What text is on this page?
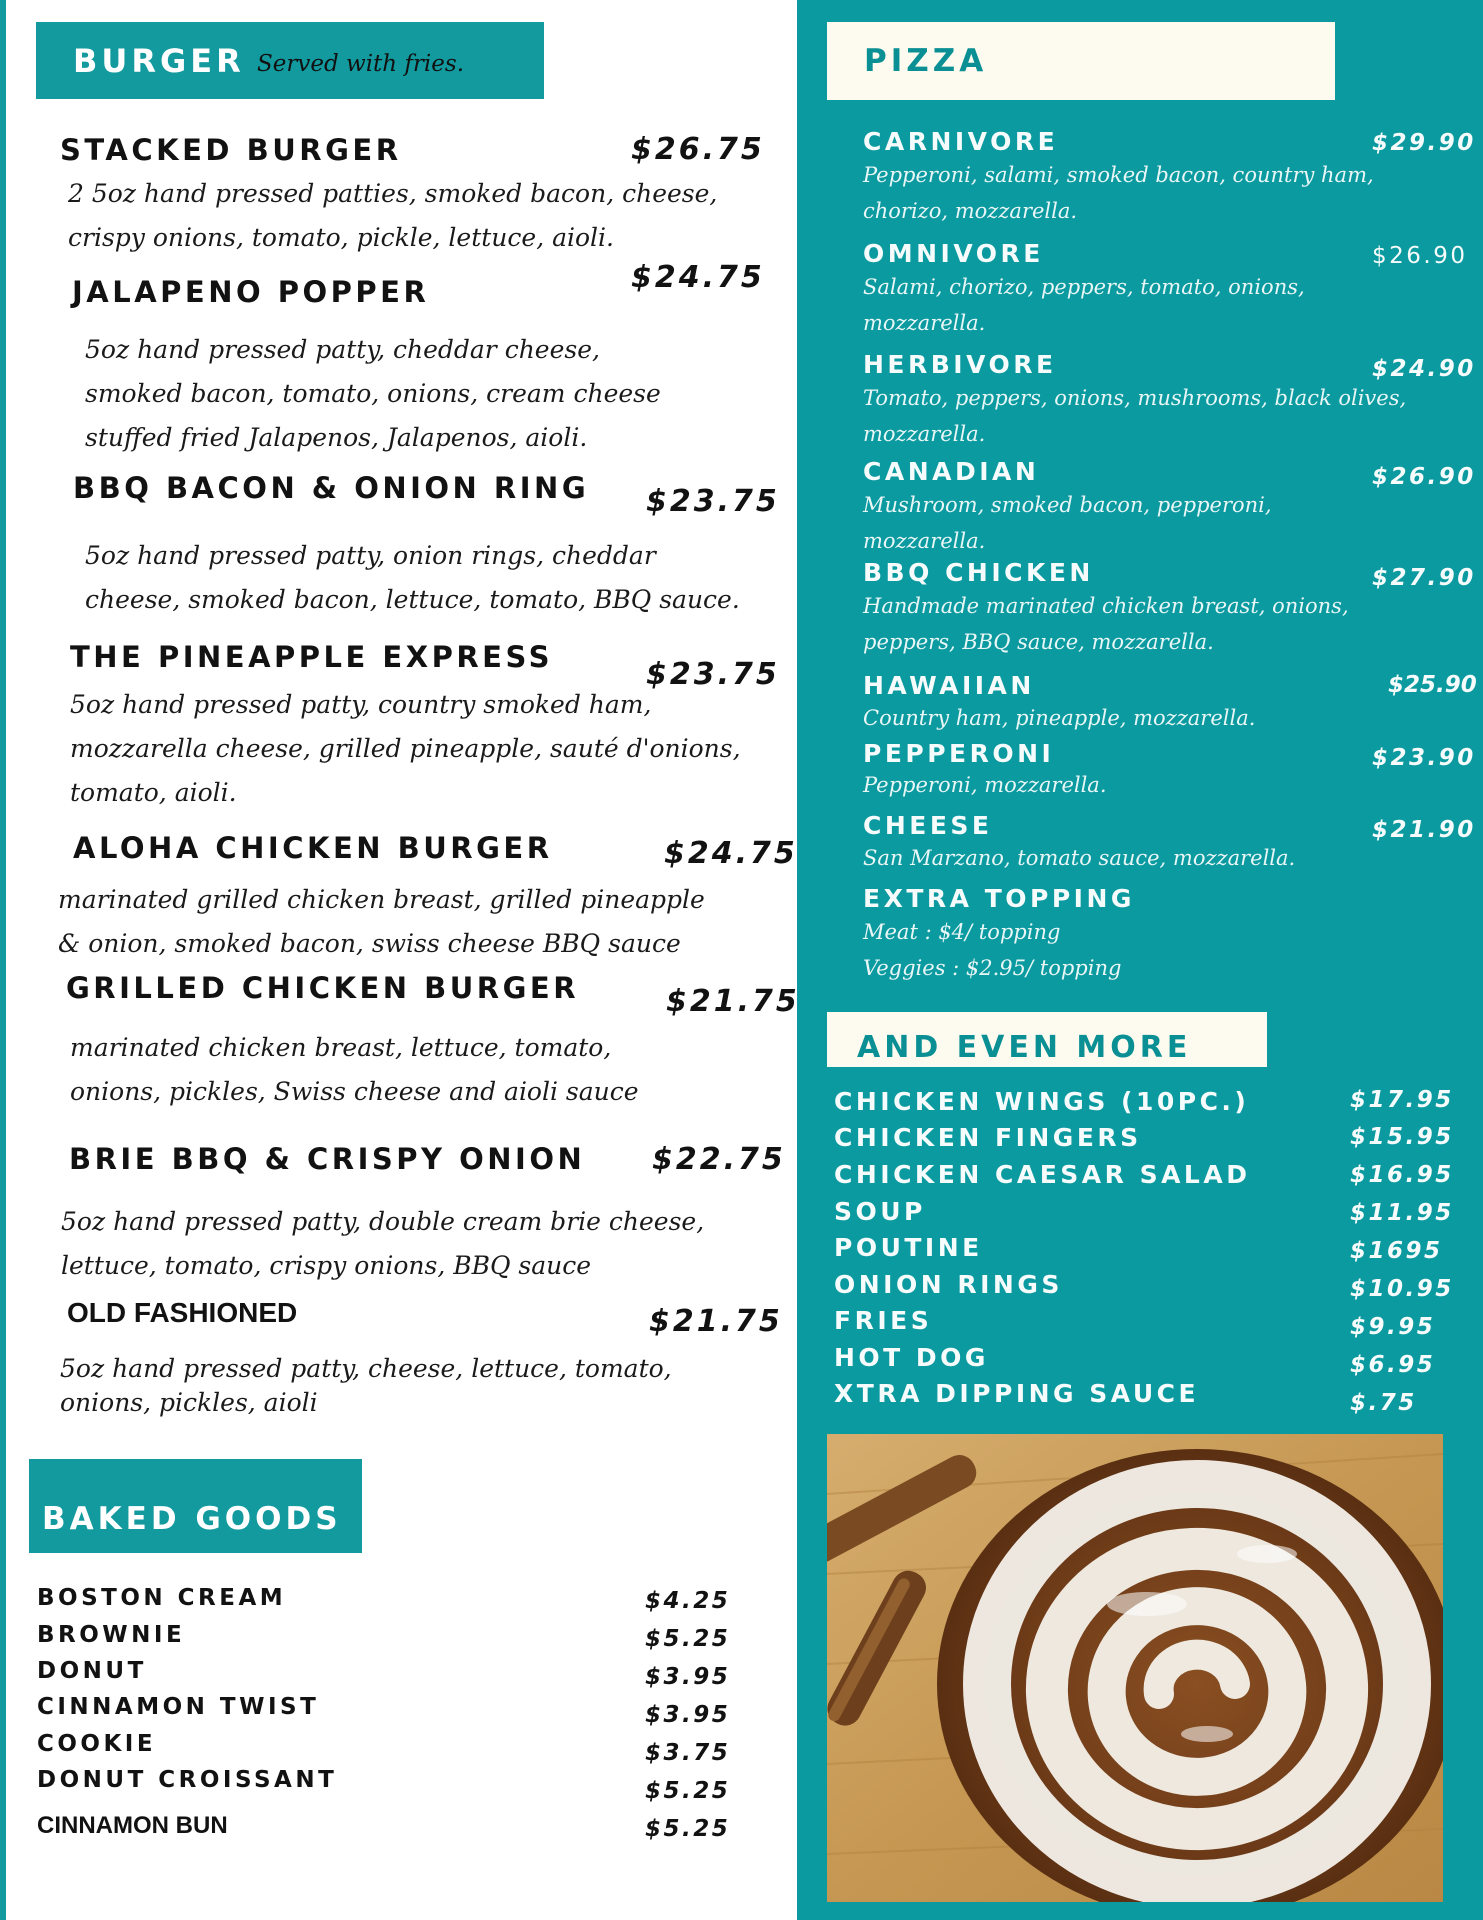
BURGER Served with fries.
STACKED BURGER	$26.75
2 5oz hand pressed patties, smoked bacon, cheese,
crispy onions, tomato, pickle, lettuce, aioli.
JALAPENO POPPER	$24.75
5oz hand pressed patty, cheddar cheese,
smoked bacon, tomato, onions, cream cheese
stuffed fried Jalapenos, Jalapenos, aioli.
BBQ BACON & ONION RING $23.75
5oz hand pressed patty, onion rings, cheddar
cheese, smoked bacon, lettuce, tomato, BBQ sauce.
THE PINEAPPLE EXPRESS	$23.75
5oz hand pressed patty, country smoked ham,
mozzarella cheese, grilled pineapple, sauté d'onions,
tomato, aioli.
ALOHA CHICKEN BURGER	$24.75
marinated grilled chicken breast, grilled pineapple
& onion, smoked bacon, swiss cheese BBQ sauce
GRILLED CHICKEN BURGER	$21.75
marinated chicken breast, lettuce, tomato,
onions, pickles, Swiss cheese and aioli sauce
BRIE BBQ & CRISPY ONION $22.75
5oz hand pressed patty, double cream brie cheese,
lettuce, tomato, crispy onions, BBQ sauce
OLD FASHIONED	$21.75
5oz hand pressed patty, cheese, lettuce, tomato,
onions, pickles, aioli
BAKED GOODS
BOSTON CREAM	$4.25
BROWNIE	$5.25
DONUT	$3.95
CINNAMON TWIST	$3.95
COOKIE	$3.75
DONUT CROISSANT	$5.25
CINNAMON BUN	$5.25
PIZZA
CARNIVORE	$29.90
Pepperoni, salami, smoked bacon, country ham,
chorizo, mozzarella.
OMNIVORE	$26.90
Salami, chorizo, peppers, tomato, onions,
mozzarella.
HERBIVORE	$24.90
Tomato, peppers, onions, mushrooms, black olives,
mozzarella.
CANADIAN	$26.90
Mushroom, smoked bacon, pepperoni,
mozzarella.
BBQ CHICKEN	$27.90
Handmade marinated chicken breast, onions,
peppers, BBQ sauce, mozzarella.
HAWAIIAN	$25.90
Country ham, pineapple, mozzarella.
PEPPERONI	$23.90
Pepperoni, mozzarella.
CHEESE	$21.90
San Marzano, tomato sauce, mozzarella.
EXTRA TOPPING
Meat : $4/ topping
Veggies : $2.95/ topping
AND EVEN MORE
CHICKEN WINGS (10PC.)	$17.95
CHICKEN FINGERS	$15.95
CHICKEN CAESAR SALAD	$16.95
SOUP	$11.95
POUTINE	$1695
ONION RINGS	$10.95
FRIES	$9.95
HOT DOG	$6.95
XTRA DIPPING SAUCE	$.75
